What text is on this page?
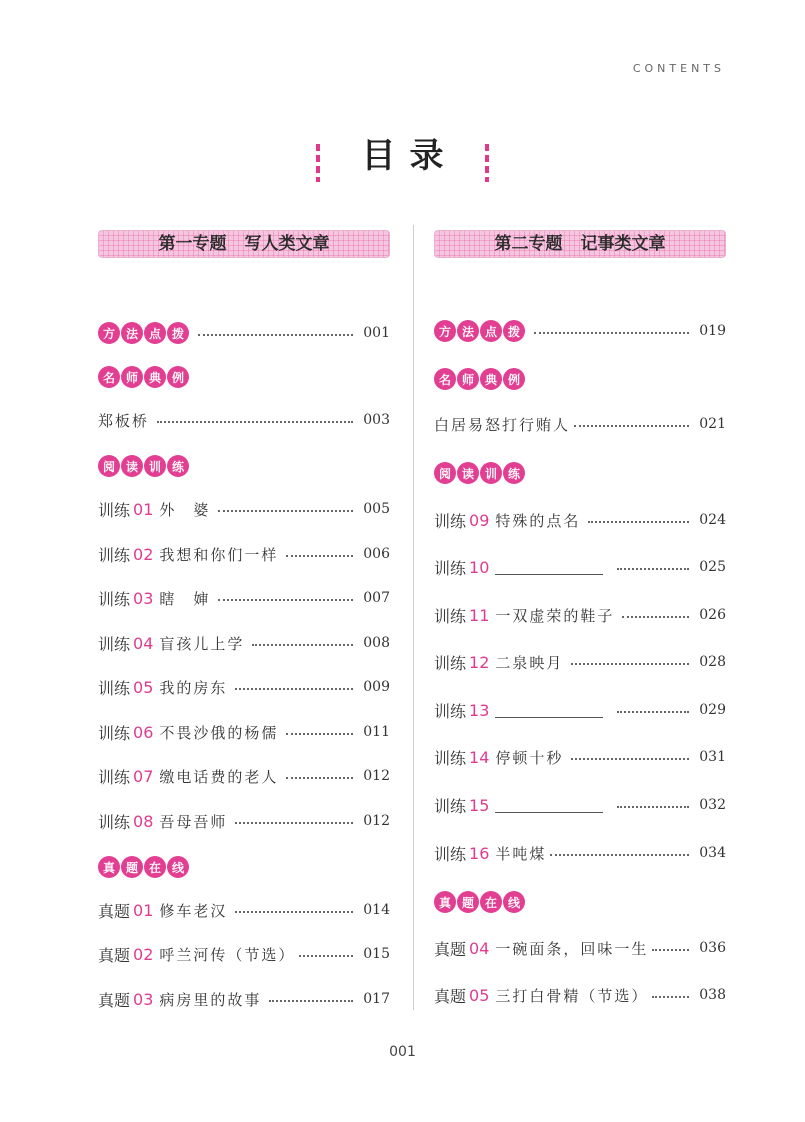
CONTENTS
目录
第一专题 写人类文章
方 法 点 拨	001
名 师 典 例
郑板桥	003
阅 读 训 练
训练 01 外　婆	005
训练 02 我想和你们一样	006
训练 03 瞎　婶	007
训练 04 盲孩儿上学	008
训练 05 我的房东	009
训练 06 不畏沙俄的杨儒	011
训练 07 缴电话费的老人	012
训练 08 吾母吾师	012
真 题 在 线
真题 01 修车老汉	014
真题 02 呼兰河传（节选）	015
真题 03 病房里的故事	017
第二专题 记事类文章
方 法 点 拨	019
名 师 典 例
白居易怒打行贿人	021
阅 读 训 练
训练 09 特殊的点名	024
训练 10	025
训练 11 一双虚荣的鞋子	026
训练 12 二泉映月	028
训练 13	029
训练 14 停顿十秒	031
训练 15	032
训练 16 半吨煤	034
真 题 在 线
真题 04 一碗面条，回味一生	036
真题 05 三打白骨精（节选）	038
001
